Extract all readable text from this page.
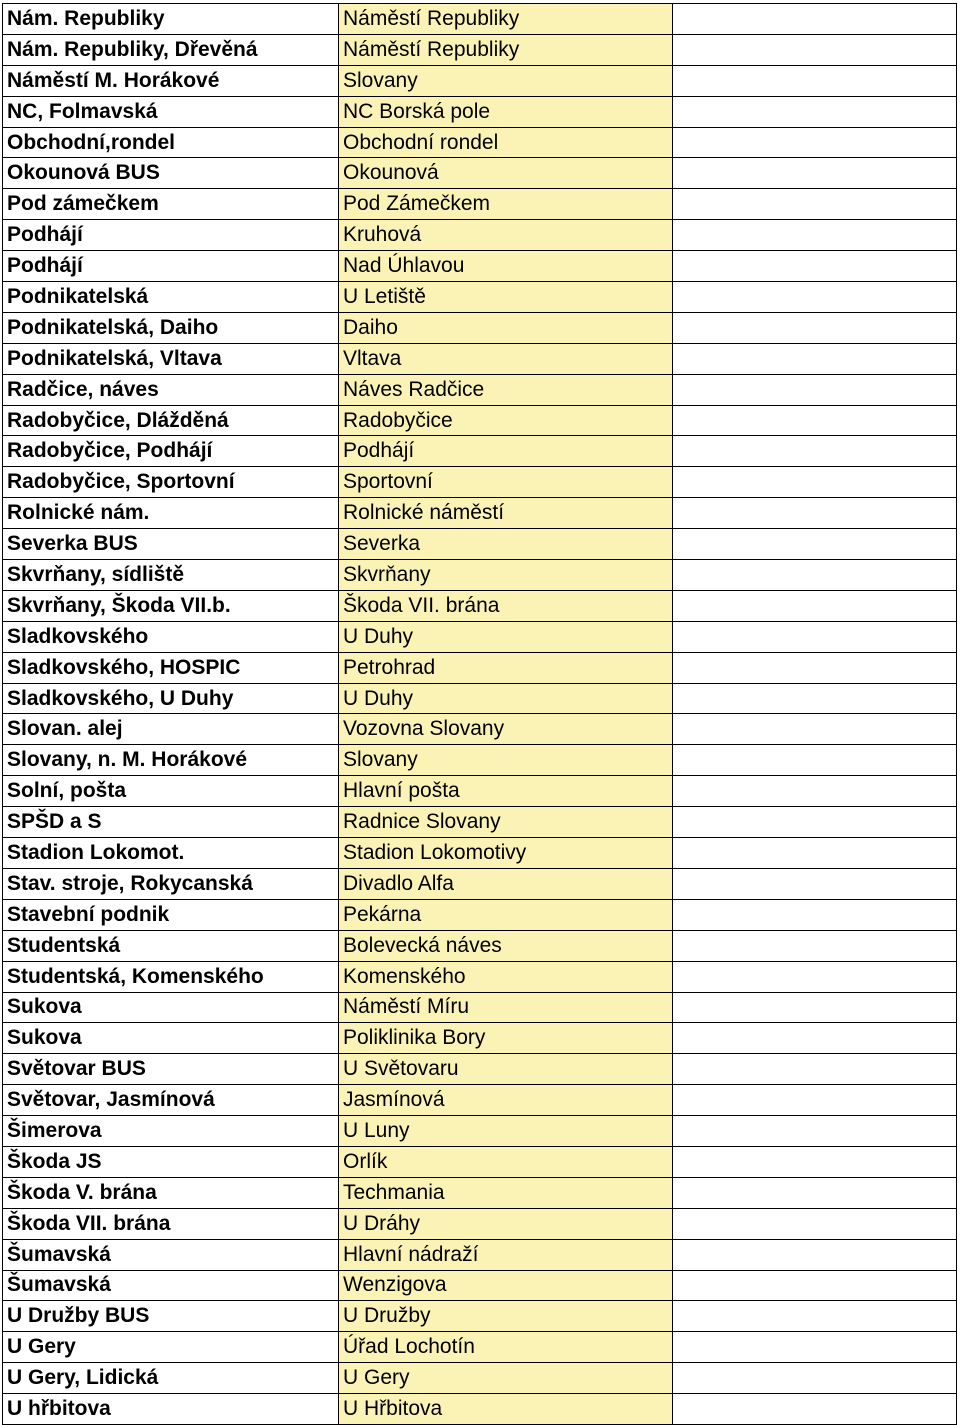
Nám. Republiky	Náměstí Republiky	
Nám. Republiky, Dřevěná	Náměstí Republiky	
Náměstí M. Horákové	Slovany	
NC, Folmavská	NC Borská pole	
Obchodní,rondel	Obchodní rondel	
Okounová BUS	Okounová	
Pod zámečkem	Pod Zámečkem	
Podhájí	Kruhová	
Podhájí	Nad Úhlavou	
Podnikatelská	U Letiště	
Podnikatelská, Daiho	Daiho	
Podnikatelská, Vltava	Vltava	
Radčice, náves	Náves Radčice	
Radobyčice, Dlážděná	Radobyčice	
Radobyčice, Podhájí	Podhájí	
Radobyčice, Sportovní	Sportovní	
Rolnické nám.	Rolnické náměstí	
Severka BUS	Severka	
Skvrňany, sídliště	Skvrňany	
Skvrňany, Škoda VII.b.	Škoda VII. brána	
Sladkovského	U Duhy	
Sladkovského, HOSPIC	Petrohrad	
Sladkovského, U Duhy	U Duhy	
Slovan. alej	Vozovna Slovany	
Slovany, n. M. Horákové	Slovany	
Solní, pošta	Hlavní pošta	
SPŠD a S	Radnice Slovany	
Stadion Lokomot.	Stadion Lokomotivy	
Stav. stroje, Rokycanská	Divadlo Alfa	
Stavební podnik	Pekárna	
Studentská	Bolevecká náves	
Studentská, Komenského	Komenského	
Sukova	Náměstí Míru	
Sukova	Poliklinika Bory	
Světovar BUS	U Světovaru	
Světovar, Jasmínová	Jasmínová	
Šimerova	U Luny	
Škoda JS	Orlík	
Škoda V. brána	Techmania	
Škoda VII. brána	U Dráhy	
Šumavská	Hlavní nádraží	
Šumavská	Wenzigova	
U Družby BUS	U Družby	
U Gery	Úřad Lochotín	
U Gery, Lidická	U Gery	
U hřbitova	U Hřbitova	
